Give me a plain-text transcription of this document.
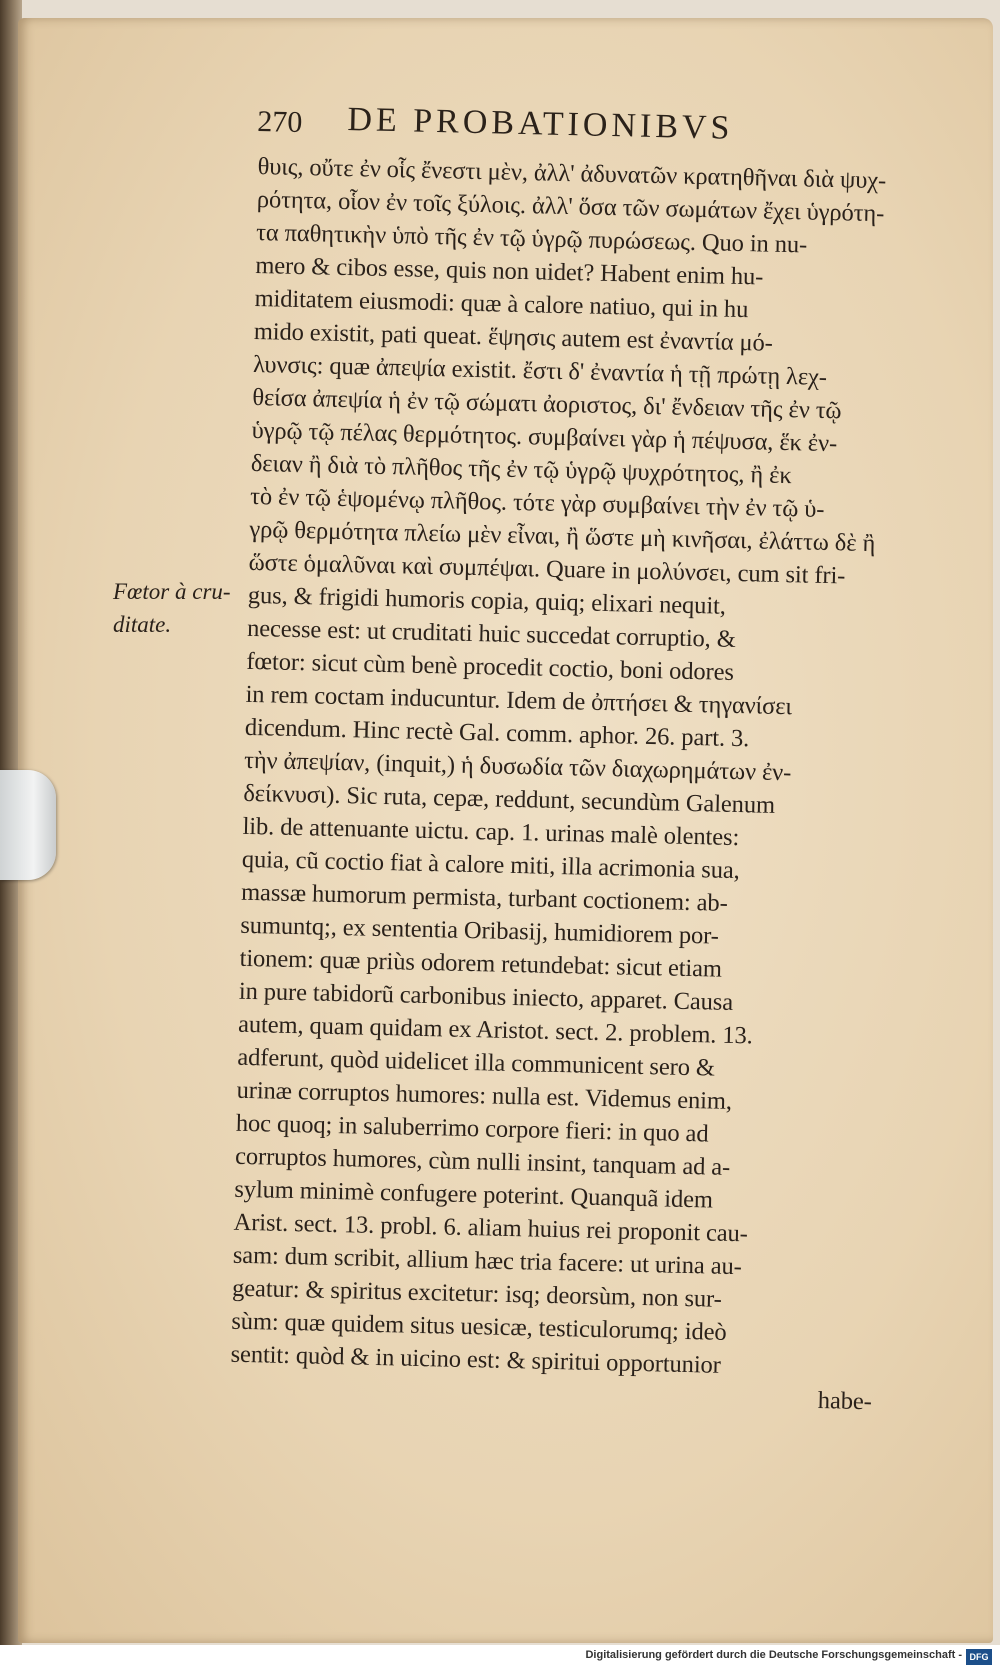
270 DE PROBATIONIBVS
Fœtor à cru-
ditate.
θυις, οὔτε ἐν οἷς ἔνεστι μὲν, ἀλλ' ἀδυνατῶν κρατηθῆναι διὰ ψυχ-
ρότητα, οἷον ἐν τοῖς ξύλοις. ἀλλ' ὅσα τῶν σωμάτων ἔχει ὑγρότη-
τα παθητικὴν ὑπὸ τῆς ἐν τῷ ὑγρῷ πυρώσεως. Quo in nu-
mero & cibos esse, quis non uidet? Habent enim hu-
miditatem eiusmodi: quæ à calore natiuo, qui in hu
mido existit, pati queat. ἕψησις autem est ἐναντία μό-
λυνσις: quæ ἀπεψία existit. ἔστι δ' ἐναντία ἡ τῇ πρώτῃ λεχ-
θείσα ἀπεψία ἡ ἐν τῷ σώματι ἀοριστος, δι' ἔνδειαν τῆς ἐν τῷ
ὑγρῷ τῷ πέλας θερμότητος. συμβαίνει γὰρ ἡ πέψυσα, ἕκ ἐν-
δειαν ἢ διὰ τὸ πλῆθος τῆς ἐν τῷ ὑγρῷ ψυχρότητος, ἢ ἐκ
τὸ ἐν τῷ ἑψομένῳ πλῆθος. τότε γὰρ συμβαίνει τὴν ἐν τῷ ὑ-
γρῷ θερμότητα πλείω μὲν εἶναι, ἢ ὥστε μὴ κινῆσαι, ἐλάττω δὲ ἢ
ὥστε ὁμαλῦναι καὶ συμπέψαι. Quare in μολύνσει, cum sit fri-
gus, & frigidi humoris copia, quiq; elixari nequit,
necesse est: ut cruditati huic succedat corruptio, &
fœtor: sicut cùm benè procedit coctio, boni odores
in rem coctam inducuntur. Idem de ὀπτήσει & τηγανίσει
dicendum. Hinc rectè Gal. comm. aphor. 26. part. 3.
τὴν ἀπεψίαν, (inquit,) ἡ δυσωδία τῶν διαχωρημάτων ἐν-
δείκνυσι). Sic ruta, cepæ, reddunt, secundùm Galenum
lib. de attenuante uictu. cap. 1. urinas malè olentes:
quia, cũ coctio fiat à calore miti, illa acrimonia sua,
massæ humorum permista, turbant coctionem: ab-
sumuntq;, ex sententia Oribasij, humidiorem por-
tionem: quæ priùs odorem retundebat: sicut etiam
in pure tabidorũ carbonibus iniecto, apparet. Causa
autem, quam quidam ex Aristot. sect. 2. problem. 13.
adferunt, quòd uidelicet illa communicent sero &
urinæ corruptos humores: nulla est. Videmus enim,
hoc quoq; in saluberrimo corpore fieri: in quo ad
corruptos humores, cùm nulli insint, tanquam ad a-
sylum minimè confugere poterint. Quanquã idem
Arist. sect. 13. probl. 6. aliam huius rei proponit cau-
sam: dum scribit, allium hæc tria facere: ut urina au-
geatur: & spiritus excitetur: isq; deorsùm, non sur-
sùm: quæ quidem situs uesicæ, testiculorumq; ideò
sentit: quòd & in uicino est: & spiritui opportunior
habe-
Digitalisierung gefördert durch die Deutsche Forschungsgemeinschaft - DFG
